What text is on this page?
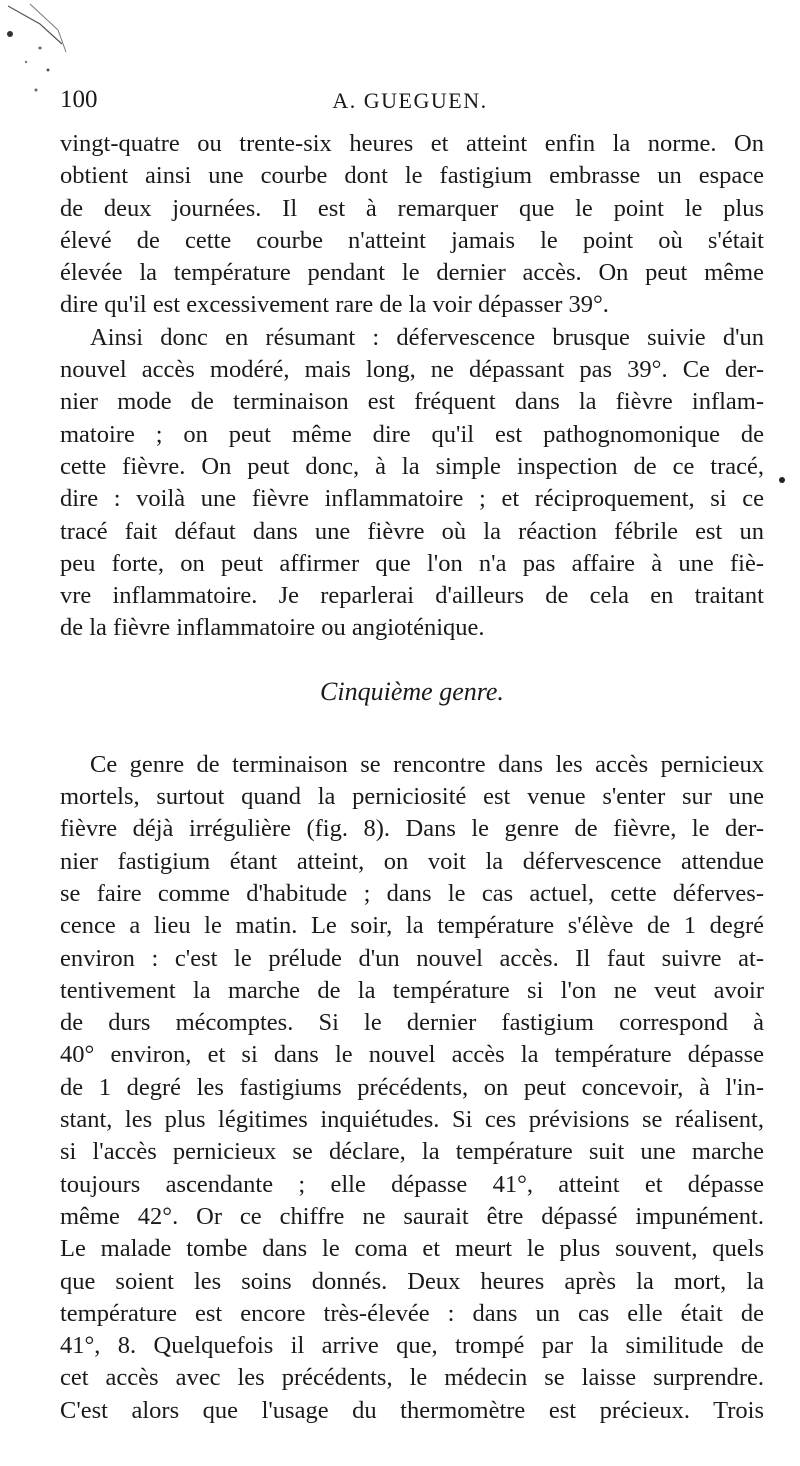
100	A. GUEGUEN.
vingt-quatre ou trente-six heures et atteint enfin la norme. On
obtient ainsi une courbe dont le fastigium embrasse un espace
de deux journées. Il est à remarquer que le point le plus
élevé de cette courbe n'atteint jamais le point où s'était
élevée la température pendant le dernier accès. On peut même
dire qu'il est excessivement rare de la voir dépasser 39°.
Ainsi donc en résumant : défervescence brusque suivie d'un
nouvel accès modéré, mais long, ne dépassant pas 39°. Ce der-
nier mode de terminaison est fréquent dans la fièvre inflam-
matoire ; on peut même dire qu'il est pathognomonique de
cette fièvre. On peut donc, à la simple inspection de ce tracé,
dire : voilà une fièvre inflammatoire ; et réciproquement, si ce
tracé fait défaut dans une fièvre où la réaction fébrile est un
peu forte, on peut affirmer que l'on n'a pas affaire à une fiè-
vre inflammatoire. Je reparlerai d'ailleurs de cela en traitant
de la fièvre inflammatoire ou angioténique.
Cinquième genre.
Ce genre de terminaison se rencontre dans les accès pernicieux
mortels, surtout quand la perniciosité est venue s'enter sur une
fièvre déjà irrégulière (fig. 8). Dans le genre de fièvre, le der-
nier fastigium étant atteint, on voit la défervescence attendue
se faire comme d'habitude ; dans le cas actuel, cette déferves-
cence a lieu le matin. Le soir, la température s'élève de 1 degré
environ : c'est le prélude d'un nouvel accès. Il faut suivre at-
tentivement la marche de la température si l'on ne veut avoir
de durs mécomptes. Si le dernier fastigium correspond à
40° environ, et si dans le nouvel accès la température dépasse
de 1 degré les fastigiums précédents, on peut concevoir, à l'in-
stant, les plus légitimes inquiétudes. Si ces prévisions se réalisent,
si l'accès pernicieux se déclare, la température suit une marche
toujours ascendante ; elle dépasse 41°, atteint et dépasse
même 42°. Or ce chiffre ne saurait être dépassé impunément.
Le malade tombe dans le coma et meurt le plus souvent, quels
que soient les soins donnés. Deux heures après la mort, la
température est encore très-élevée : dans un cas elle était de
41°, 8. Quelquefois il arrive que, trompé par la similitude de
cet accès avec les précédents, le médecin se laisse surprendre.
C'est alors que l'usage du thermomètre est précieux. Trois
